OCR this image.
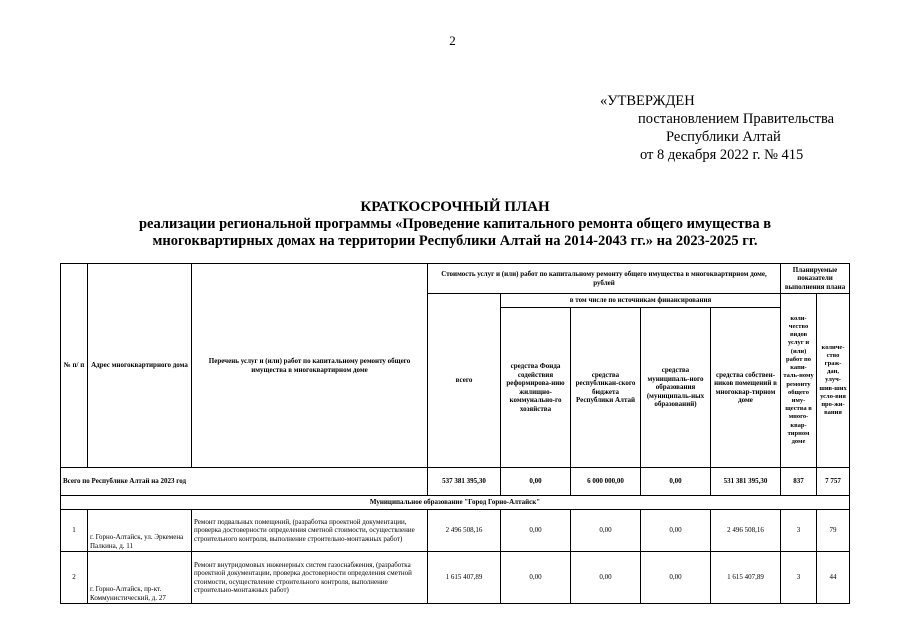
2
«УТВЕРЖДЕН
постановлением Правительства
Республики Алтай
от 8 декабря 2022 г. № 415
КРАТКОСРОЧНЫЙ ПЛАН
реализации региональной программы «Проведение капитального ремонта общего имущества в
многоквартирных домах на территории Республики Алтай на 2014-2043 гг.» на 2023-2025 гг.
№ п/ п	Адрес многоквартирного дома	Перечень услуг и (или) работ по капитальному ремонту общего имущества в многоквартирном доме	Стоимость услуг и (или) работ по капитальному ремонту общего имущества в многоквартирном доме, рублей					Планируемые показатели выполнения плана	
			всего	в том числе по источникам финансирования				коли-чество видов услуг и (или) работ по капи-таль-ному ремонту общего иму-щества в много-квар-тирном доме	количе-ство граж-дан, улуч-шив-ших усло-вия про-жи-вания
				средства Фонда содействия реформирова-нию жилищно-коммунально-го хозяйства	средства республикан-ского бюджета Республики Алтай	средства муниципаль-ного образования (муниципаль-ных образований)	средства собствен-ников помещений в многоквар-тирном доме		
Всего по Республике Алтай на 2023 год			537 381 395,30	0,00	6 000 000,00	0,00	531 381 395,30	837	7 757
Муниципальное образование "Город Горно-Алтайск"									
1	г. Горно-Алтайск, ул. Эркемена Палкина, д. 11	Ремонт подвальных помещений, (разработка проектной документации, проверка достоверности определения сметной стоимости, осуществление строительного контроля, выполнение строительно-монтажных работ)	2 496 508,16	0,00	0,00	0,00	2 496 508,16	3	79
2	г. Горно-Алтайск, пр-кт. Коммунистический, д. 27	Ремонт внутридомовых инженерных систем газоснабжения, (разработка проектной документации, проверка достоверности определения сметной стоимости, осуществление строительного контроля, выполнение строительно-монтажных работ)	1 615 407,89	0,00	0,00	0,00	1 615 407,89	3	44
